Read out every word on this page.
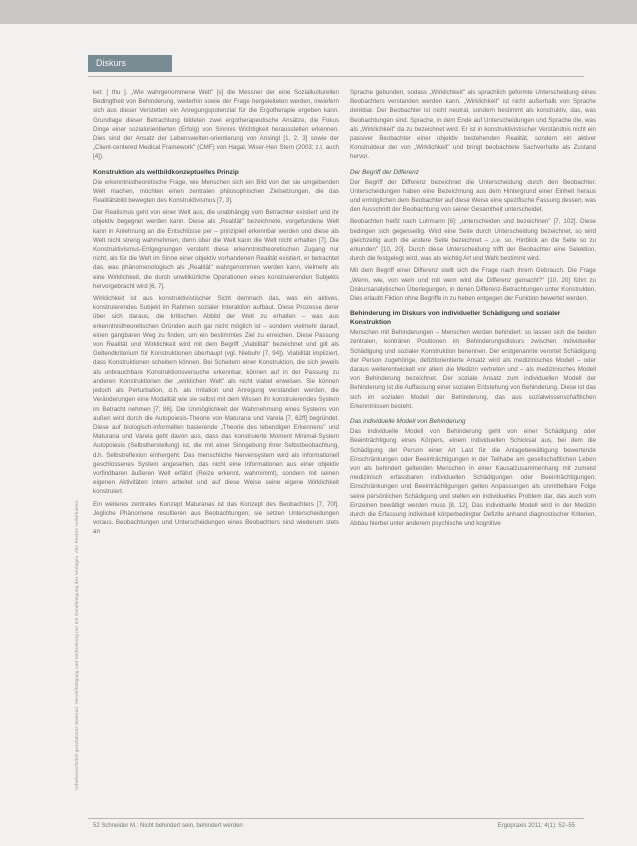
Diskurs
Urheberrechtlich geschütztes Material. Vervielfältigung und Verbreitung nur mit Genehmigung des Verlages. Alle Rechte vorbehalten.
ket: [ thu ]. „Wie wahrgenommene Welt" [s] die Messner der eine Sozialkulturellen Bedingtheit von Behinderung, weiterhin sowie der Frage hergeleiteten werden, inwiefern sich aus dieser Verstetten ein Anregungspotenzial für die Ergotherapie ergeben kann. Grundlage dieser Betrachtung bildeten zwei ergotherapeutische Ansätze, die Fokus Dinge einer sozialorientierten (Erfolg) von Sinnnis Wichtigkeit herausstellen erkennen. Dies sind der Ansatz der Lebenswelten-orientierung von Ansingl [1, 2, 3] sowie der „Client-centered Medical Framework" (CMF) von Hagal, Wiser-Hen Stern (2003; z.t. auch [4]).
Konstruktion als weltbildkonzeptuelles Prinzip
Die erkenntnistheoretische Frage, wie Menschen sich ein Bild von der sie umgebenden Welt machen, möchten einen zentralen philosophischen Zielsetzungen, die das Realitätsbild bewegten des Konstruktivismus [7, 3].
Der Realismus geht von einer Welt aus, die unabhängig vom Betrachter existiert und ihr objektiv begegnet werden kann. Diese als „Realität" bezeichnete, vorgefundene Welt kann in Anlehnung an die Entschlüsse per – prinzipiell erkennbar werden und diese als Welt nicht streng wahrnehmen, denn über die Welt kann die Welt nicht erhalten [7]. Die Konstruktivismus-Entgegnungen versteht diese erkenntnistheoretischen Zugang nur nicht, als für die Welt im Sinne einer objektiv vorhandenen Realität existiert, er betrachtet das, was phänomenologisch als „Realität" wahrgenommen werden kann, vielmehr als eine Wirklichkeit, die durch unwillkürliche Operationen eines konstruierenden Subjekts hervorgebracht wird [6, 7].
Wirklichkeit ist aus konstruktivistischer Sicht demnach das, was ein aktives, konstruierendes Subjekt im Rahmen sozialer Interaktion aufbaut. Diese Prozesse derer über sich daraus, die kritischen Abbild der Welt zu erhalten – was aus erkenntnistheoretischen Gründen auch gar nicht möglich ist – sondern vielmehr darauf, einen gangbaren Weg zu finden, um ein bestimmtes Ziel zu erreichen. Diese Passung von Realität und Wirklichkeit wird mit dem Begriff „Viabilität" bezeichnet und gilt als Geltendkriterium für Konstruktionen überhaupt (vgl. Niebuhr [7, 94]). Viabilität impliziert, dass Konstruktionen scheitern können. Bei Scheitern einer Konstruktion, die sich jeweils als unbrauchbare Konstruktionsversuche erkennbar, können auf in der Passung zu anderen Konstruktionen der „wirklichen Welt" als nicht viabel erweisen. Sie können jedoch als Perturbation, d.h. als Irritation und Anregung verstanden werden, die Veränderungen eine Modalität wie sie selbst mit dem Wissen ihr konstruierendes System im Betracht nehmen [7; 86]. Die Unmöglichkeit der Wahrnehmung eines Systems von außen wird durch die Autopoiesis-Theorie von Maturana und Varela [7, 62ff] begründet. Diese auf biologisch-informellen basierende „Theorie des lebendigen Erkennens" und Maturana und Varela geht davon aus, dass das konstruierte Moment Minimal-System Autopoiesis (Selbstherstellung) ist, die mit einer Sinngebung ihrer Selbstbeobachtung, d.h. Selbstreflexion einhergeht. Das menschliche Nervensystem wird als informationell geschlossenes System angesehen, das nicht eine Informationen aus einer objektiv vorfindbaren äußeren Welt erfährt (Reize erkennt, wahrnimmt), sondern mit seinen eigenen Aktivitäten intern arbeitet und auf diese Weise seine eigene Wirklichkeit konstruiert.
Ein weiteres zentrales Konzept Maturanas ist das Konzept des Beobachters [7, 70f]. Jegliche Phänomene resultieren aus Beobachtungen; sie setzen Unterscheidungen voraus. Beobachtungen und Unterscheidungen eines Beobachters sind wiederum stets an
Sprache gebunden, sodass „Wirklichkeit" als sprachlich geformte Unterscheidung eines Beobachters verstanden werden kann. „Wirklichkeit" ist nicht außerhalb von Sprache denkbar. Der Beobachter ist nicht neutral, sondern bestimmt als konstruktiv, das, was Beobachtungen sind. Sprache, in dem Ende auf Unterscheidungen und Sprache die, was als „Wirklichkeit" da zu bezeichnet wird. Er ist in konstruktivistischer Verständnis nicht ein passiver Beobachter einer objektiv bestehenden Realität, sondern ein aktiver Konstrukteur der von „Wirklichkeit" und bringt beobachtete Sachverhalte als Zustand hervor.
Der Begriff der Differenz
Der Begriff der Differenz bezeichnet die Unterscheidung durch den Beobachter. Unterscheidungen haben eine Bezeichnung aus dem Hintergrund einer Einheit heraus und ermöglichen dem Beobachter auf diese Weise eine spezifische Fassung dessen, was den Ausschnitt der Beobachtung von seiner Gesamtheit unterscheidet.
Beobachten heißt nach Luhmann [6]: „unterscheiden und bezeichnen" [7, 102]. Diese bedingen sich gegenseitig. Wird eine Seite durch Unterscheidung bezeichnet, so wird gleichzeitig auch die andere Seite bezeichnet – „i.e. so, Hinblick an die Seite so zu erkunden" [10, 20]. Durch diese Unterscheidung trifft der Beobachter eine Selektion, durch die festgelegt wird, was als wichtig Art und Wahl bestimmt wird.
Mit dem Begriff einer Differenz stellt sich die Frage nach ihrem Gebrauch. Die Frage „Wenn, wie, von wem und mit wem wird die Differenz gemacht?" [10, 20] führt zu Diskursanalytischen Überlegungen, in denen Differenz-Betrachtungen unter Konstrukten, Dies erlaubt Fiktion ohne Begriffe in zu heben entgegen der Funktion bewertet werden.
Behinderung im Diskurs von individueller Schädigung und sozialer Konstruktion
Menschen mit Behinderungen – Menschen werden behindert: so lassen sich die beiden zentralen, konträren Positionen im Behinderungsdiskurs zwischen individueller Schädigung und sozialer Konstruktion benennen. Der erstgenannte verortet Schädigung der Person zugehörige, defizitorientierte Ansatz wird als medizinisches Modell – oder daraus weiterentwickelt vor allem die Medizin vertreten und – als medizinisches Modell von Behinderung bezeichnet. Der soziale Ansatz zum individuellen Modell der Behinderung ist die Auffassung einer sozialen Entstehung von Behinderung. Diese ist das sich im sozialen Modell der Behinderung, das aus sozialwissenschaftlichen Erkenntnissen besteht.
Das individuelle Modell von Behinderung
Das individuelle Modell von Behinderung geht von einer Schädigung oder Beeinträchtigung eines Körpers, einem individuellen Schicksal aus, bei dem die Schädigung der Person einer Art Last für die Anlagebewältigung bewertende Einschränkungen oder Beeinträchtigungen in der Teilhabe am gesellschaftlichen Leben von als behindert geltenden Menschen in einer Kausalzusammenhang mit zumeist medizinisch erfassbaren individuellen Schädigungen oder Beeinträchtigungen. Einschränkungen und Beeinträchtigungen gelten Anpassungen als unmittelbare Folge seine persönlichen Schädigung und stellen ein individuelles Problem dar, das auch vom Einzelnen bewältigt werden muss [8, 12]. Das individuelle Modell wird in der Medizin durch die Erfassung individuell körperbedingter Defizite anhand diagnostischer Kriterien, Abbau hierbei unter anderem psychische und kognitive
52 Schneider M.: Nicht behindert sein, behindert werden	Ergopraxis 2011; 4(1): 52–55
